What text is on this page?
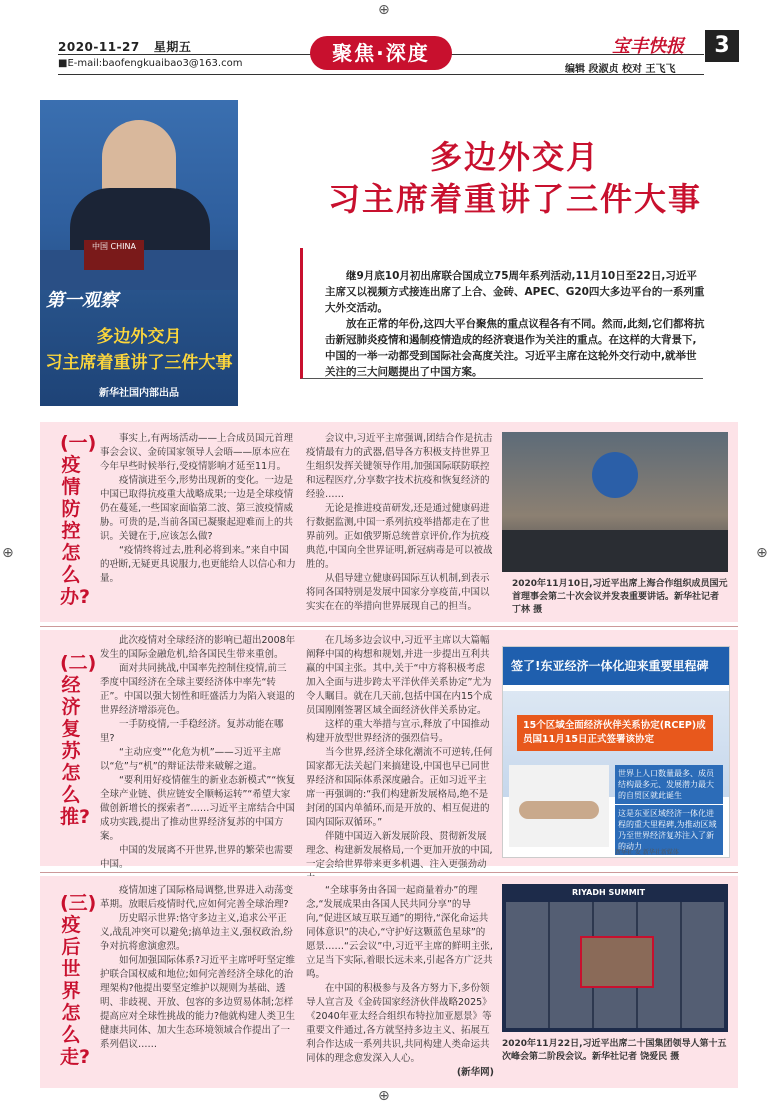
⊕
⊕	⊕
⊕
2020-11-27 星期五
■E-mail:baofengkuaibao3@163.com	聚焦·深度	宝丰快报	3
编辑 段淑贞 校对 王飞飞
中国 CHINA
第一观察
多边外交月
习主席着重讲了三件大事
新华社国内部出品
多边外交月
习主席着重讲了三件大事

继9月底10月初出席联合国成立75周年系列活动,11月10日至22日,习近平主席又以视频方式接连出席了上合、金砖、APEC、G20四大多边平台的一系列重大外交活动。

放在正常的年份,这四大平台聚焦的重点议程各有不同。然而,此刻,它们都将抗击新冠肺炎疫情和遏制疫情造成的经济衰退作为关注的重点。在这样的大背景下,中国的一举一动都受到国际社会高度关注。习近平主席在这轮外交行动中,就举世关注的三大问题提出了中国方案。

(一)疫情防控怎么办?

事实上,有两场活动——上合成员国元首理事会会议、金砖国家领导人会晤——原本应在今年早些时候举行,受疫情影响才延至11月。

疫情演进至今,形势出现新的变化。一边是中国已取得抗疫重大战略成果;一边是全球疫情仍在蔓延,一些国家面临第二波、第三波疫情威胁。可贵的是,当前各国已凝聚起迎难而上的共识。关键在于,应该怎么做?

“疫情终将过去,胜利必将到来。”来自中国的판断,无疑更具说服力,也更能给人以信心和力量。

会议中,习近平主席强调,团结合作是抗击疫情最有力的武器,倡导各方积极支持世界卫生组织发挥关键领导作用,加强国际联防联控和远程医疗,分享数字技术抗疫和恢复经济的经验……

无论是推进疫苗研发,还是通过健康码进行数据监测,中国一系列抗疫举措都走在了世界前列。正如俄罗斯总统普京评价,作为抗疫典范,中国向全世界证明,新冠病毒是可以被战胜的。

从倡导建立健康码国际互认机制,到表示将同各国特别是发展中国家分享疫苗,中国以实实在在的举措向世界展现自己的担当。

2020年11月10日,习近平出席上海合作组织成员国元首理事会第二十次会议并发表重要讲话。新华社记者 丁林 摄
(二)经济复苏怎么推?

此次疫情对全球经济的影响已超出2008年发生的国际金融危机,给各国民生带来重创。

面对共同挑战,中国率先控制住疫情,前三季度中国经济在全球主要经济体中率先“转正”。中国以强大韧性和旺盛活力为陷入衰退的世界经济增添亮色。

一手防疫情,一手稳经济。复苏动能在哪里?

“主动应变”“化危为机”——习近平主席以“危”与“机”的辩证法带来破解之道。

“要利用好疫情催生的新业态新模式”“恢复全球产业链、供应链安全顺畅运转”“希望大家做创新增长的探索者”……习近平主席结合中国成功实践,提出了推动世界经济复苏的中国方案。

中国的发展离不开世界,世界的繁荣也需要中国。

在几场多边会议中,习近平主席以大篇幅阐释中国的构想和规划,并进一步提出互利共赢的中国主张。其中,关于“中方将积极考虑加入全面与进步跨太平洋伙伴关系协定”尤为令人瞩目。就在几天前,包括中国在内15个成员国刚刚签署区域全面经济伙伴关系协定。

这样的重大举措与宣示,释放了中国推动构建开放型世界经济的强烈信号。

当今世界,经济全球化潮流不可逆转,任何国家都无法关起门来搞建设,中国也早已同世界经济和国际体系深度融合。正如习近平主席一再强调的:“我们构建新发展格局,绝不是封闭的国内单循环,而是开放的、相互促进的国内国际双循环。”

伴随中国迈入新发展阶段、贯彻新发展理念、构建新发展格局,一个更加开放的中国,一定会给世界带来更多机遇、注入更强劲动

签了!东亚经济一体化迎来重要里程碑
15个区域全面经济伙伴关系协定(RCEP)成员国11月15日正式签署该协定
世界上人口数量最多、成员结构最多元、发展潜力最大的自贸区就此诞生
这是东亚区域经济一体化进程的重大里程碑,为推动区域乃至世界经济复苏注入了新的动力
新华社 发 新华社新媒体
(三)疫后世界怎么走?

疫情加速了国际格局调整,世界进入动荡变革期。放眼后疫情时代,应如何完善全球治理?

历史昭示世界:恪守多边主义,追求公平正义,战乱冲突可以避免;搞单边主义,强权政治,纷争对抗将愈演愈烈。

如何加强国际体系?习近平主席呼吁坚定维护联合国权威和地位;如何完善经济全球化的治理架构?他提出要坚定维护以规则为基础、透明、非歧视、开放、包容的多边贸易体制;怎样提高应对全球性挑战的能力?他就构建人类卫生健康共同体、加大生态环境领域合作提出了一系列倡议……

“全球事务由各国一起商量着办”的理念,“发展成果由各国人民共同分享”的导向,“促进区域互联互通”的期待,“深化命运共同体意识”的决心,“守护好这颗蓝色星球”的愿景……“云会议”中,习近平主席的鲜明主张,立足当下实际,着眼长远未来,引起各方广泛共鸣。

在中国的积极参与及各方努力下,多份领导人宣言及《金砖国家经济伙伴战略2025》《2040年亚太经合组织布特拉加亚愿景》等重要文件通过,各方就坚持多边主义、拓展互利合作达成一系列共识,共同构建人类命运共同体的理念愈发深入人心。

(新华网)

RIYADH SUMMIT
2020年11月22日,习近平出席二十国集团领导人第十五次峰会第二阶段会议。新华社记者 饶爱民 摄
